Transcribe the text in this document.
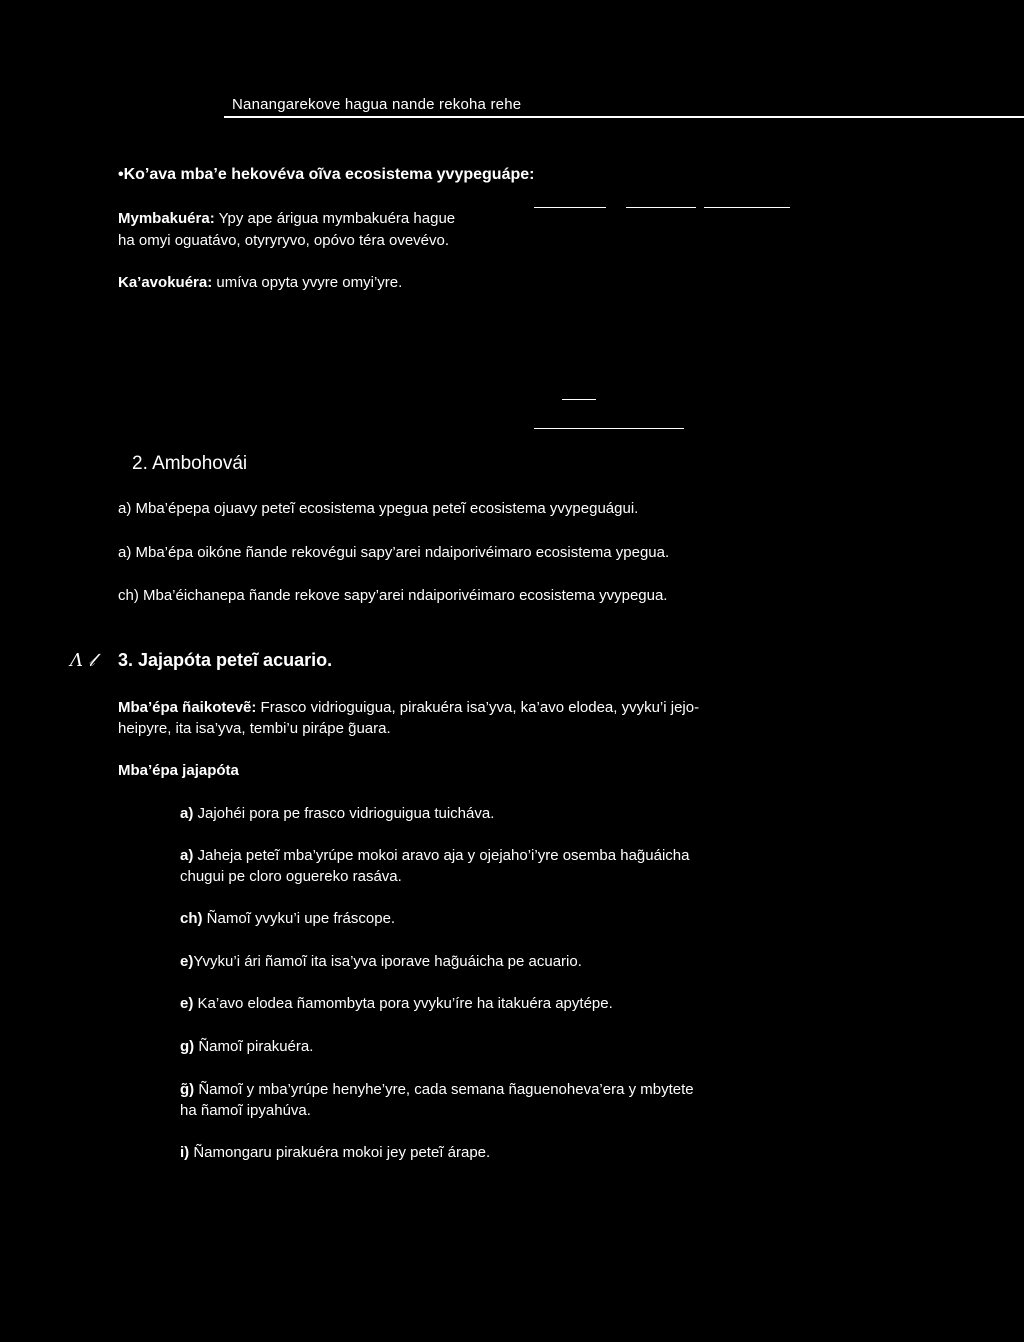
Nanangarekove hagua nande rekoha rehe
•Ko’ava mba’e hekovéva oĩva ecosistema yvypeguápe:
Mymbakuéra: Ypy ape árigua mymbakuéra hague
ha omyi oguatávo, otyryryvo, opóvo téra ovevévo.
Ka’avokuéra: umíva opyta yvyre omyi’yre.
2. Ambohovái
a) Mba’épepa ojuavy peteĩ ecosistema ypegua peteĩ ecosistema yvypeguágui.
a) Mba’épa oikóne ñande rekovégui sapy’arei ndaiporivéimaro ecosistema ypegua.
ch) Mba’éichanepa ñande rekove sapy’arei ndaiporivéimaro ecosistema yvypegua.
Λ 𝓁 3. Jajapóta peteĩ acuario.
Mba’épa ñaikotevẽ: Frasco vidrioguigua, pirakuéra isa’yva, ka’avo elodea, yvyku’i jejo-
heipyre, ita isa’yva, tembi’u pirápe g̃uara.
Mba’épa jajapóta
a) Jajohéi pora pe frasco vidrioguigua tuicháva.
a) Jaheja peteĩ mba’yrúpe mokoi aravo aja y ojejaho’i’yre osemba hag̃uáicha
chugui pe cloro oguereko rasáva.
ch) Ñamoĩ yvyku’i upe fráscope.
e)Yvyku’i ári ñamoĩ ita isa’yva iporave hag̃uáicha pe acuario.
e) Ka’avo elodea ñamombyta pora yvyku’íre ha itakuéra apytépe.
g) Ñamoĩ pirakuéra.
g̃) Ñamoĩ y mba’yrúpe henyhe’yre, cada semana ñaguenoheva’era y mbytete
ha ñamoĩ ipyahúva.
i) Ñamongaru pirakuéra mokoi jey peteĩ árape.
